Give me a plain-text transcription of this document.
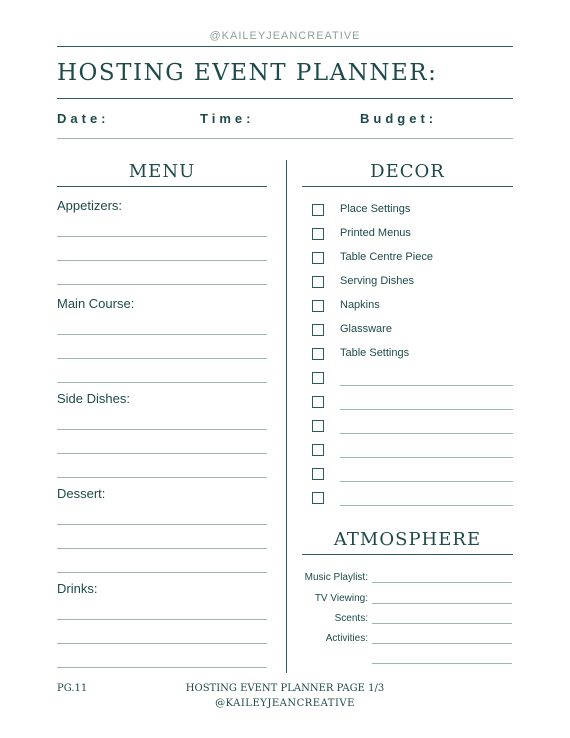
@KAILEYJEANCREATIVE
HOSTING EVENT PLANNER:
Date:	Time:	Budget:
MENU
Appetizers:
Main Course:
Side Dishes:
Dessert:
Drinks:
DECOR
Place Settings
Printed Menus
Table Centre Piece
Serving Dishes
Napkins
Glassware
Table Settings
ATMOSPHERE
Music Playlist:
TV Viewing:
Scents:
Activities:
PG.11	HOSTING EVENT PLANNER PAGE 1/3
@KAILEYJEANCREATIVE
